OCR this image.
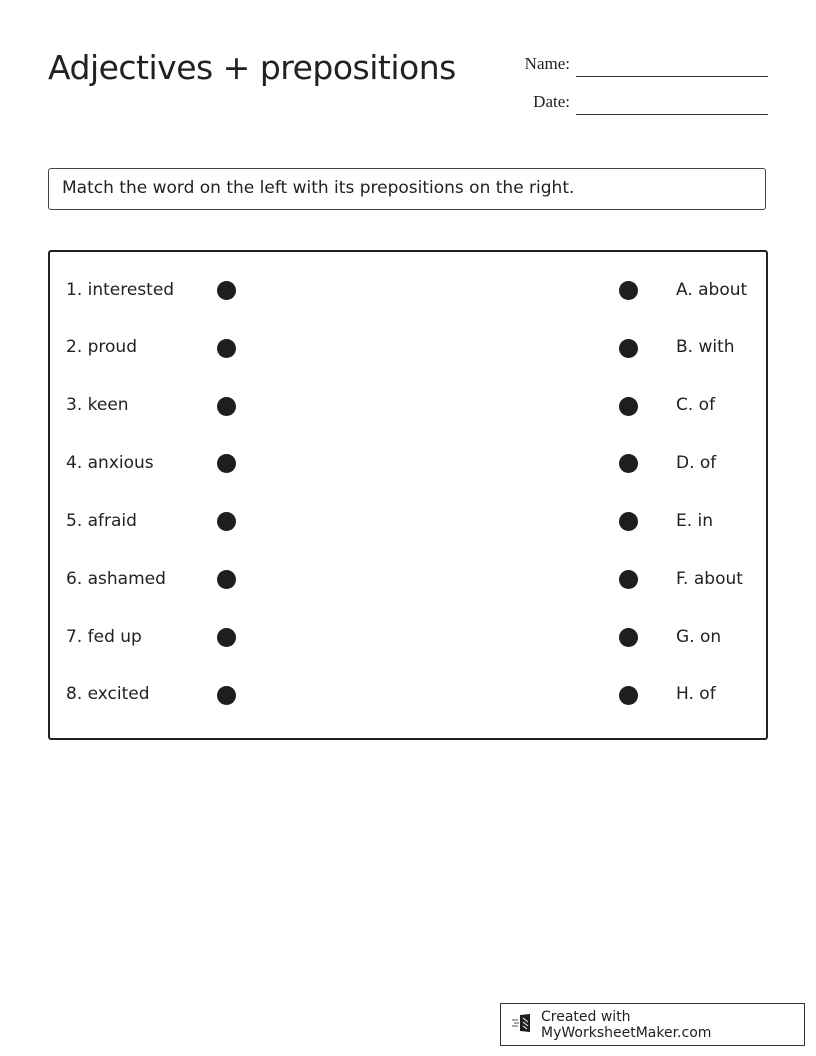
Adjectives + prepositions	Name:
Date:
Match the word on the left with its prepositions on the right.
1. interested
2. proud
3. keen
4. anxious
5. afraid
6. ashamed
7. fed up
8. excited
A. about
B. with
C. of
D. of
E. in
F. about
G. on
H. of
Created with MyWorksheetMaker.com
